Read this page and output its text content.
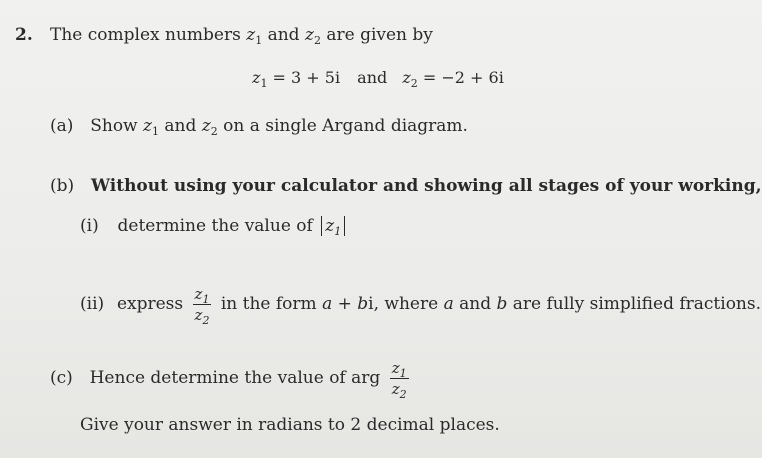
2. The complex numbers $z_1$ and $z_2$ are given by
$z_1 = 3 + 5i$ and $z_2 = -2 + 6i$
(a) Show $z_1$ and $z_2$ on a single Argand diagram.
(b) Without using your calculator and showing all stages of your working,
(i) determine the value of $z_1$
(ii) express $\frac{z_1}{z_2}$ in the form a + bi, where a and b are fully simplified fractions.
(c) Hence determine the value of arg $\frac{z_1}{z_2}$
Give your answer in radians to 2 decimal places.
